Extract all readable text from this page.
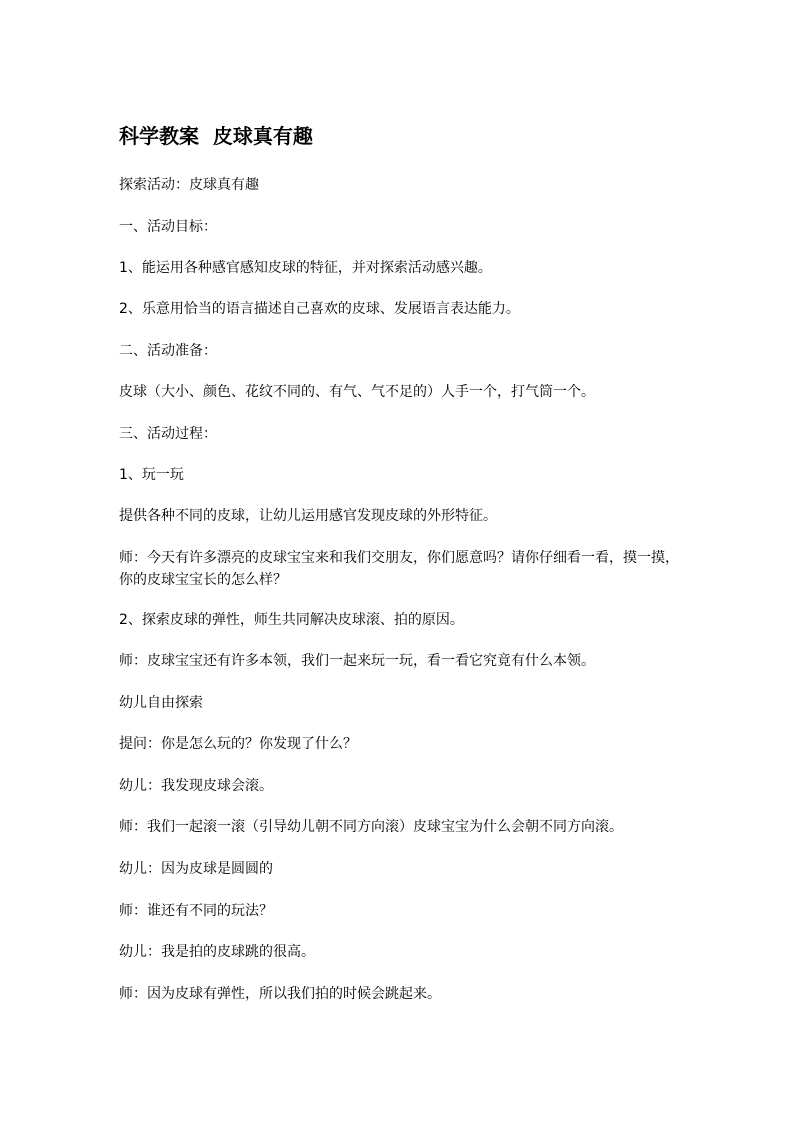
科学教案  皮球真有趣

探索活动：皮球真有趣

一、活动目标：

1、能运用各种感官感知皮球的特征，并对探索活动感兴趣。

2、乐意用恰当的语言描述自己喜欢的皮球、发展语言表达能力。

二、活动准备：

皮球（大小、颜色、花纹不同的、有气、气不足的）人手一个，打气筒一个。

三、活动过程：

1、玩一玩

提供各种不同的皮球，让幼儿运用感官发现皮球的外形特征。

师：今天有许多漂亮的皮球宝宝来和我们交朋友，你们愿意吗？请你仔细看一看，摸一摸，你的皮球宝宝长的怎么样？

2、探索皮球的弹性，师生共同解决皮球滚、拍的原因。

师：皮球宝宝还有许多本领，我们一起来玩一玩，看一看它究竟有什么本领。

幼儿自由探索

提问：你是怎么玩的？你发现了什么？

幼儿：我发现皮球会滚。

师：我们一起滚一滚（引导幼儿朝不同方向滚）皮球宝宝为什么会朝不同方向滚。

幼儿：因为皮球是圆圆的

师：谁还有不同的玩法？

幼儿：我是拍的皮球跳的很高。

师：因为皮球有弹性，所以我们拍的时候会跳起来。
